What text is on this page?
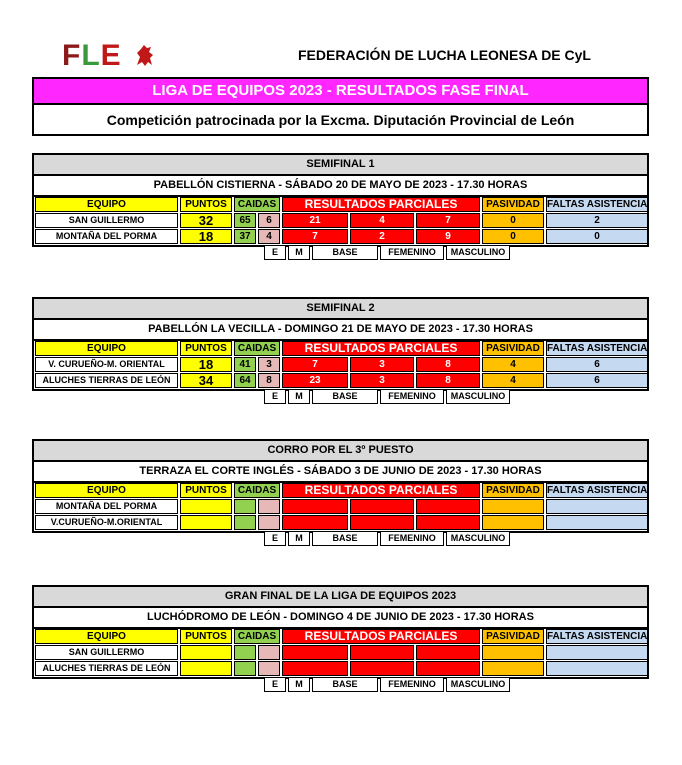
FLE	FEDERACIÓN DE LUCHA LEONESA DE CyL
LIGA DE EQUIPOS 2023 - RESULTADOS FASE FINAL
Competición patrocinada por la Excma. Diputación Provincial de León
SEMIFINAL 1
PABELLÓN CISTIERNA - SÁBADO 20 DE MAYO DE 2023 - 17.30 HORAS
EQUIPO	PUNTOS	CAIDAS	RESULTADOS PARCIALES	PASIVIDAD FALTAS ASISTENCIA
SAN GUILLERMO	32	65	6	21	4	7	0	2
MONTAÑA DEL PORMA	18	37	4	7	2	9	0	0
E	M	BASE	FEMENINO	MASCULINO
SEMIFINAL 2
PABELLÓN LA VECILLA - DOMINGO 21 DE MAYO DE 2023 - 17.30 HORAS
EQUIPO	PUNTOS	CAIDAS	RESULTADOS PARCIALES	PASIVIDAD FALTAS ASISTENCIA
V. CURUEÑO-M. ORIENTAL	18	41	3	7	3	8	4	6
ALUCHES TIERRAS DE LEÓN	34	64	8	23	3	8	4	6
E	M	BASE	FEMENINO	MASCULINO
CORRO POR EL 3º PUESTO
TERRAZA EL CORTE INGLÉS - SÁBADO 3 DE JUNIO DE 2023 - 17.30 HORAS
EQUIPO	PUNTOS	CAIDAS	RESULTADOS PARCIALES	PASIVIDAD FALTAS ASISTENCIA
MONTAÑA DEL PORMA
V.CURUEÑO-M.ORIENTAL
E	M	BASE	FEMENINO	MASCULINO
GRAN FINAL DE LA LIGA DE EQUIPOS 2023
LUCHÓDROMO DE LEÓN - DOMINGO 4 DE JUNIO DE 2023 - 17.30 HORAS
EQUIPO	PUNTOS	CAIDAS	RESULTADOS PARCIALES	PASIVIDAD FALTAS ASISTENCIA
SAN GUILLERMO
ALUCHES TIERRAS DE LEÓN
E	M	BASE	FEMENINO	MASCULINO
